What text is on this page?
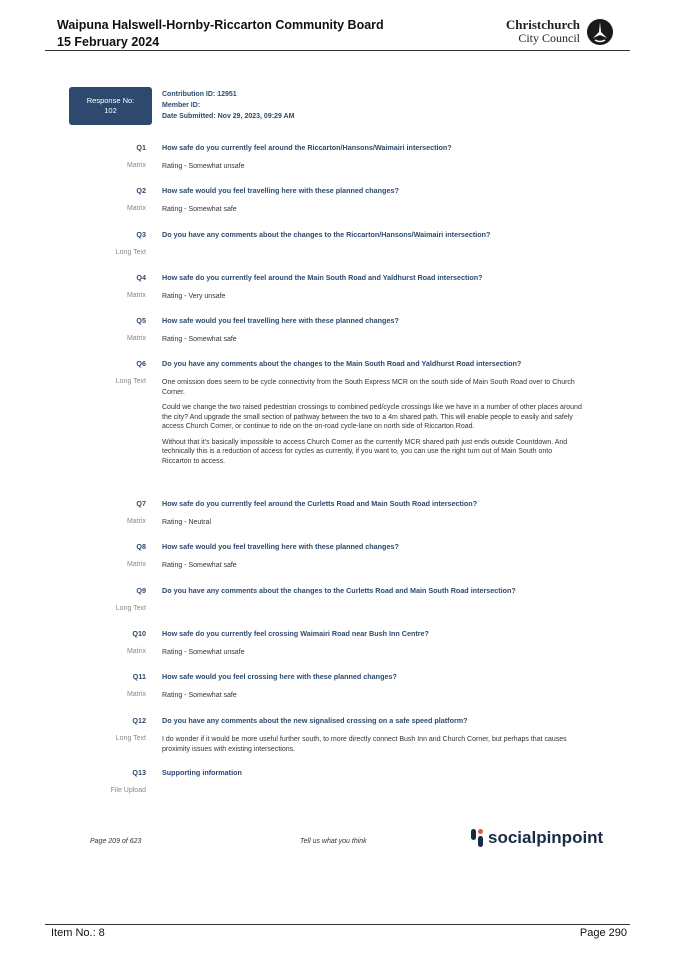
Waipuna Halswell-Hornby-Riccarton Community Board
15 February 2024
Christchurch
City Council
Response No:
102
Contribution ID: 12951
Member ID:
Date Submitted: Nov 29, 2023, 09:29 AM
Q1 How safe do you currently feel around the Riccarton/Hansons/Waimairi intersection?
Matrix Rating - Somewhat unsafe

Q2 How safe would you feel travelling here with these planned changes?
Matrix Rating - Somewhat safe

Q3 Do you have any comments about the changes to the Riccarton/Hansons/Waimairi intersection?
Long Text
Q4 How safe do you currently feel around the Main South Road and Yaldhurst Road intersection?
Matrix Rating - Very unsafe

Q5 How safe would you feel travelling here with these planned changes?
Matrix Rating - Somewhat safe

Q6 Do you have any comments about the changes to the Main South Road and Yaldhurst Road intersection?
Long Text One omission does seem to be cycle connectivity from the South Express MCR on the south side of Main South Road over to Church Corner.

Could we change the two raised pedestrian crossings to combined ped/cycle crossings like we have in a number of other places around the city? And upgrade the small section of pathway between the two to a 4m shared path. This will enable people to easily and safely access Church Corner, or continue to ride on the on-road cycle-lane on north side of Riccarton Road.

Without that it's basically impossible to access Church Corner as the currently MCR shared path just ends outside Countdown. And technically this is a reduction of access for cycles as currently, if you want to, you can use the right turn out of Main South onto Riccarton to access.

Q7 How safe do you currently feel around the Curletts Road and Main South Road intersection?
Matrix Rating - Neutral

Q8 How safe would you feel travelling here with these planned changes?
Matrix Rating - Somewhat safe

Q9 Do you have any comments about the changes to the Curletts Road and Main South Road intersection?
Long Text
Q10 How safe do you currently feel crossing Waimairi Road near Bush Inn Centre?
Matrix Rating - Somewhat unsafe

Q11 How safe would you feel crossing here with these planned changes?
Matrix Rating - Somewhat safe

Q12 Do you have any comments about the new signalised crossing on a safe speed platform?
Long Text I do wonder if it would be more useful further south, to more directly connect Bush Inn and Church Corner, but perhaps that causes proximity issues with existing intersections.

Q13 Supporting information
File Upload
Page 209 of 623	Tell us what you think	socialpinpoint
Item No.: 8	Page 290
